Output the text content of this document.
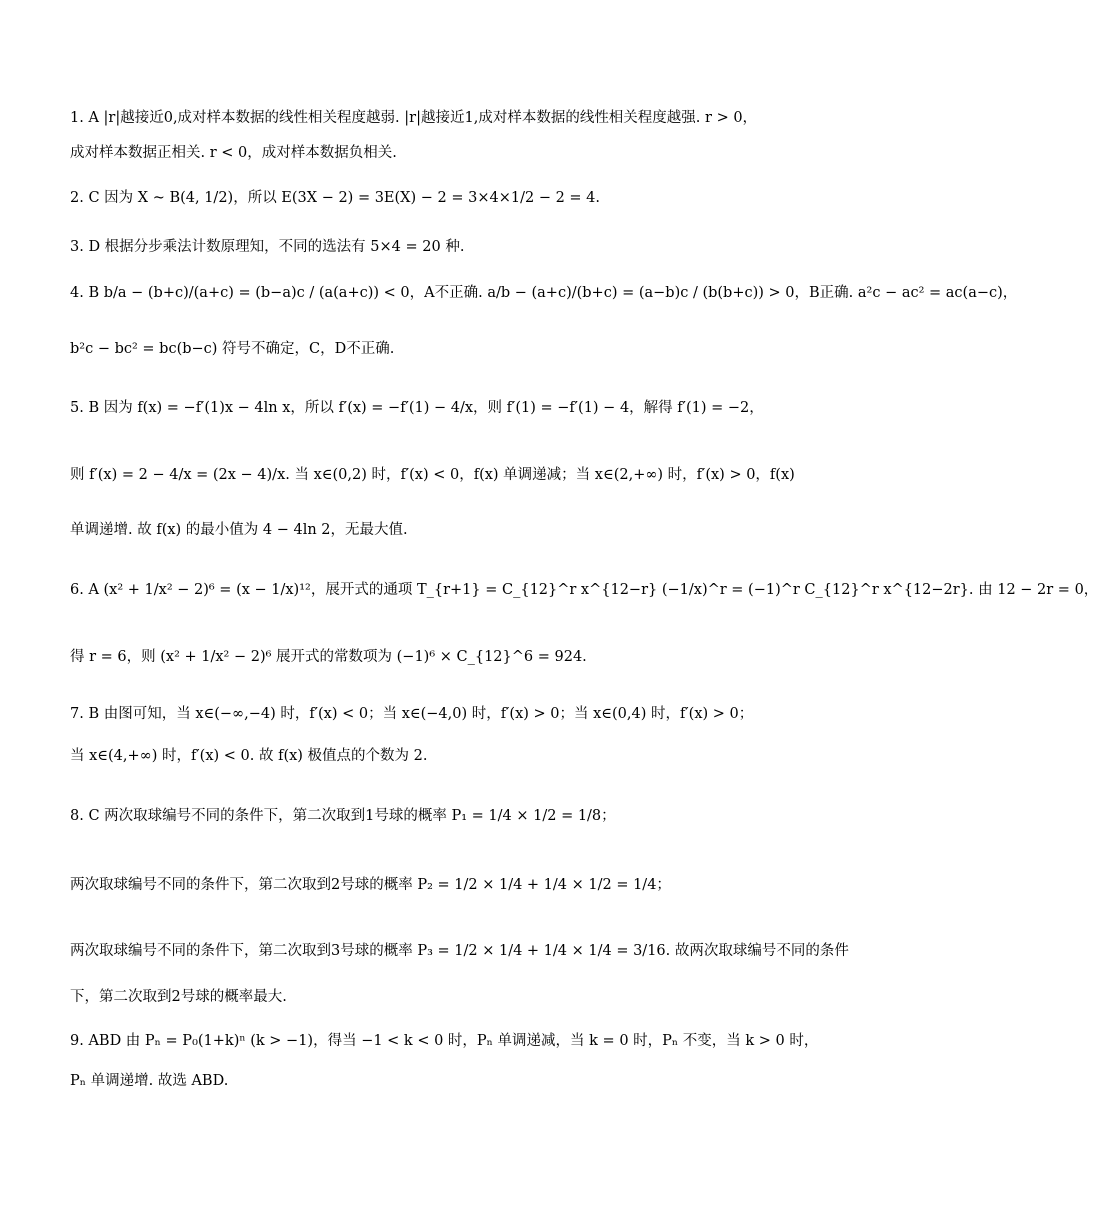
1. A |r|越接近0,成对样本数据的线性相关程度越弱. |r|越接近1,成对样本数据的线性相关程度越强. r > 0，
成对样本数据正相关. r < 0，成对样本数据负相关.
2. C 因为 X ~ B(4, 1/2)，所以 E(3X − 2) = 3E(X) − 2 = 3×4×1/2 − 2 = 4.
3. D 根据分步乘法计数原理知，不同的选法有 5×4 = 20 种.
4. B b/a − (b+c)/(a+c) = (b−a)c / (a(a+c)) < 0，A不正确. a/b − (a+c)/(b+c) = (a−b)c / (b(b+c)) > 0，B正确. a²c − ac² = ac(a−c)，
b²c − bc² = bc(b−c) 符号不确定，C，D不正确.
5. B 因为 f(x) = −f′(1)x − 4ln x，所以 f′(x) = −f′(1) − 4/x，则 f′(1) = −f′(1) − 4，解得 f′(1) = −2，
则 f′(x) = 2 − 4/x = (2x − 4)/x. 当 x∈(0,2) 时，f′(x) < 0，f(x) 单调递减；当 x∈(2,+∞) 时，f′(x) > 0，f(x)
单调递增. 故 f(x) 的最小值为 4 − 4ln 2，无最大值.
6. A (x² + 1/x² − 2)⁶ = (x − 1/x)¹²，展开式的通项 T_{r+1} = C_{12}^r x^{12−r} (−1/x)^r = (−1)^r C_{12}^r x^{12−2r}. 由 12 − 2r = 0，
得 r = 6，则 (x² + 1/x² − 2)⁶ 展开式的常数项为 (−1)⁶ × C_{12}^6 = 924.
7. B 由图可知，当 x∈(−∞,−4) 时，f′(x) < 0；当 x∈(−4,0) 时，f′(x) > 0；当 x∈(0,4) 时，f′(x) > 0；
当 x∈(4,+∞) 时，f′(x) < 0. 故 f(x) 极值点的个数为 2.
8. C 两次取球编号不同的条件下，第二次取到1号球的概率 P₁ = 1/4 × 1/2 = 1/8；
两次取球编号不同的条件下，第二次取到2号球的概率 P₂ = 1/2 × 1/4 + 1/4 × 1/2 = 1/4；
两次取球编号不同的条件下，第二次取到3号球的概率 P₃ = 1/2 × 1/4 + 1/4 × 1/4 = 3/16. 故两次取球编号不同的条件
下，第二次取到2号球的概率最大.
9. ABD 由 Pₙ = P₀(1+k)ⁿ (k > −1)，得当 −1 < k < 0 时，Pₙ 单调递减，当 k = 0 时，Pₙ 不变，当 k > 0 时，
Pₙ 单调递增. 故选 ABD.
